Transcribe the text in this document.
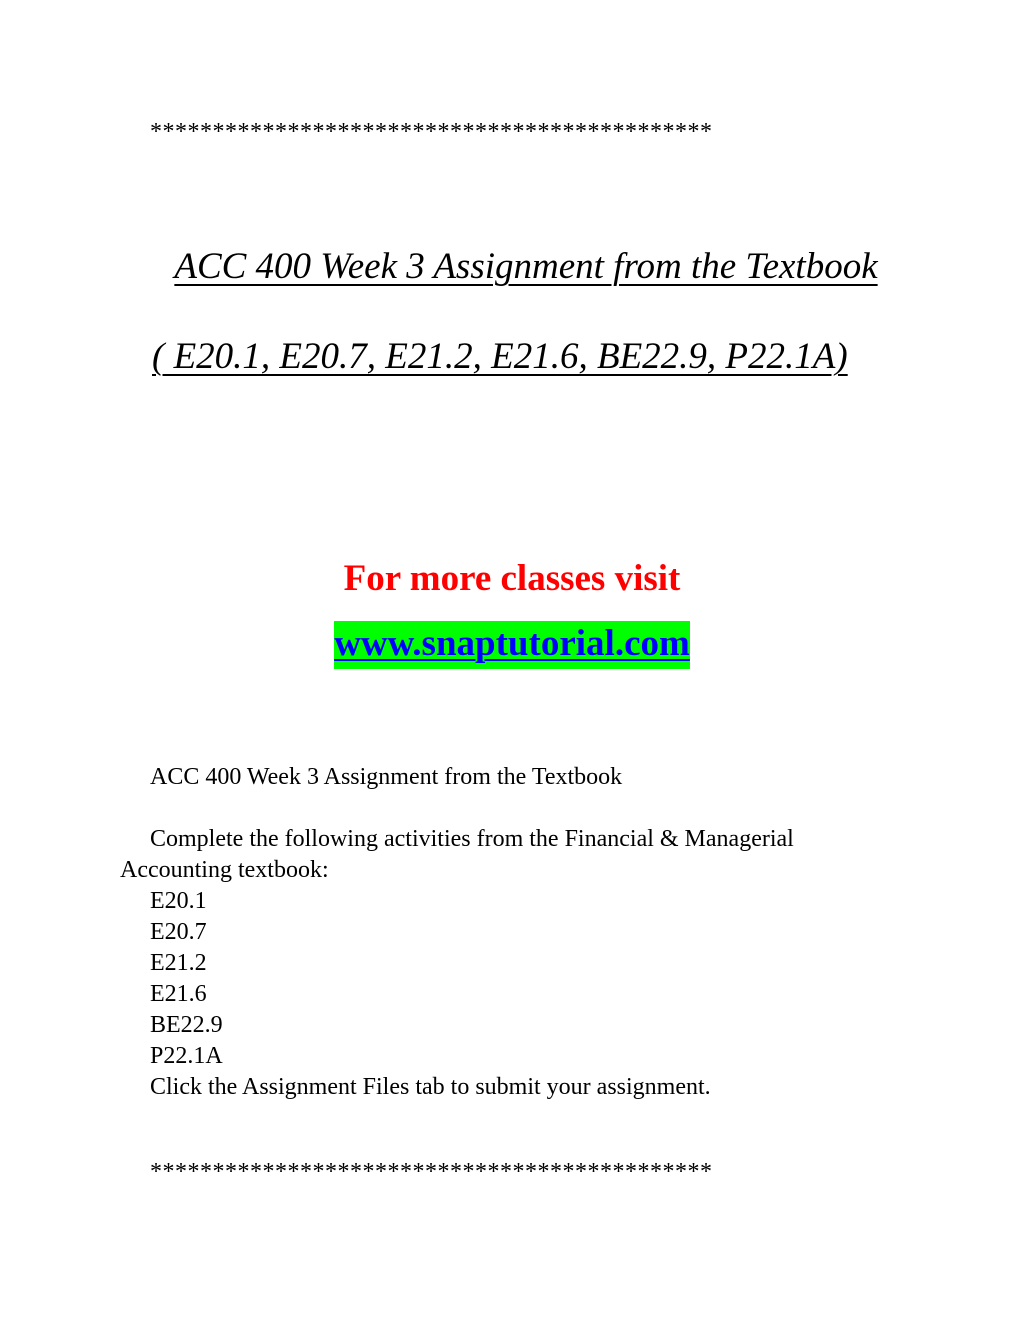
*********************************************
ACC 400 Week 3 Assignment from the Textbook
( E20.1, E20.7, E21.2, E21.6, BE22.9, P22.1A)
For more classes visit
www.snaptutorial.com

ACC 400 Week 3 Assignment from the Textbook

Complete the following activities from the Financial & Managerial

Accounting textbook:

E20.1
E20.7
E21.2
E21.6
BE22.9
P22.1A

Click the Assignment Files tab to submit your assignment.

*********************************************
